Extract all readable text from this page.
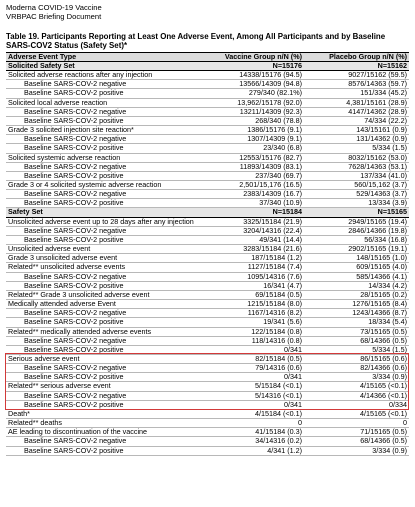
Moderna COVID-19 Vaccine
VRBPAC Briefing Document
Table 19. Participants Reporting at Least One Adverse Event, Among All Participants and by Baseline SARS-COV2 Status (Safety Set)*
Adverse Event Type	Vaccine Group n/N (%)	Placebo Group n/N (%)
Solicited Safety Set	N=15176	N=15162
Solicited adverse reactions after any injection	14338/15176 (94.5)	9027/15162 (59.5)
Baseline SARS-COV-2 negative	13566/14309 (94.8)	8576/14363 (59.7)
Baseline SARS-COV-2 positive	279/340 (82.1%)	151/334 (45.2)
Solicited local adverse reaction	13,962/15178 (92.0)	4,381/15161 (28.9)
Baseline SARS-COV-2 negative	13211/14309 (92.3)	4147/14362 (28.9)
Baseline SARS-COV-2 positive	268/340 (78.8)	74/334 (22.2)
Grade 3 solicited injection site reaction*	1386/15176 (9.1)	143/15161 (0.9)
Baseline SARS-COV-2 negative	1307/14309 (9.1)	131/14362 (0.9)
Baseline SARS-COV-2 positive	23/340 (6.8)	5/334 (1.5)
Solicited systemic adverse reaction	12553/15176 (82.7)	8032/15162 (53.0)
Baseline SARS-COV-2 negative	11893/14309 (83.1)	7628/14363 (53.1)
Baseline SARS-COV-2 positive	237/340 (69.7)	137/334 (41.0)
Grade 3 or 4 solicited systemic adverse reaction	2,501/15,176 (16.5)	560/15,162 (3.7)
Baseline SARS-COV-2 negative	2383/14309 (16.7)	529/14363 (3.7)
Baseline SARS-COV-2 positive	37/340 (10.9)	13/334 (3.9)
Safety Set	N=15184	N=15165
Unsolicited adverse event up to 28 days after any injection	3325/15184 (21.9)	2949/15165 (19.4)
Baseline SARS-COV-2 negative	3204/14316 (22.4)	2846/14366 (19.8)
Baseline SARS-COV-2 positive	49/341 (14.4)	56/334 (16.8)
Unsolicited adverse event	3283/15184 (21.6)	2902/15165 (19.1)
Grade 3 unsolicited adverse event	187/15184 (1.2)	148/15165 (1.0)
Related** unsolicited adverse events	1127/15184 (7.4)	609/15165 (4.0)
Baseline SARS-COV-2 negative	1095/14316 (7.6)	585/14366 (4.1)
Baseline SARS-COV-2 positive	16/341 (4.7)	14/334 (4.2)
Related** Grade 3 unsolicited adverse event	69/15184 (0.5)	28/15165 (0.2)
Medically attended adverse Event	1215/15184 (8.0)	1276/15165 (8.4)
Baseline SARS-COV-2 negative	1167/14316 (8.2)	1243/14366 (8.7)
Baseline SARS-COV-2 positive	19/341 (5.6)	18/334 (5.4)
Related** medically attended adverse events	122/15184 (0.8)	73/15165 (0.5)
Baseline SARS-COV-2 negative	118/14316 (0.8)	68/14366 (0.5)
Baseline SARS-COV-2 positive	0/341	5/334 (1.5)
Serious adverse event	82/15184 (0.5)	86/15165 (0.6)
Baseline SARS-COV-2 negative	79/14316 (0.6)	82/14366 (0.6)
Baseline SARS-COV-2 positive	0/341	3/334 (0.9)
Related** serious adverse event	5/15184 (<0.1)	4/15165 (<0.1)
Baseline SARS-COV-2 negative	5/14316 (<0.1)	4/14366 (<0.1)
Baseline SARS-COV-2 positive	0/341	0/334
Death*	4/15184 (<0.1)	4/15165 (<0.1)
Related** deaths	0	0
AE leading to discontinuation of the vaccine	41/15184 (0.3)	71/15165 (0.5)
Baseline SARS-COV-2 negative	34/14316 (0.2)	68/14366 (0.5)
Baseline SARS-COV-2 positive	4/341 (1.2)	3/334 (0.9)
